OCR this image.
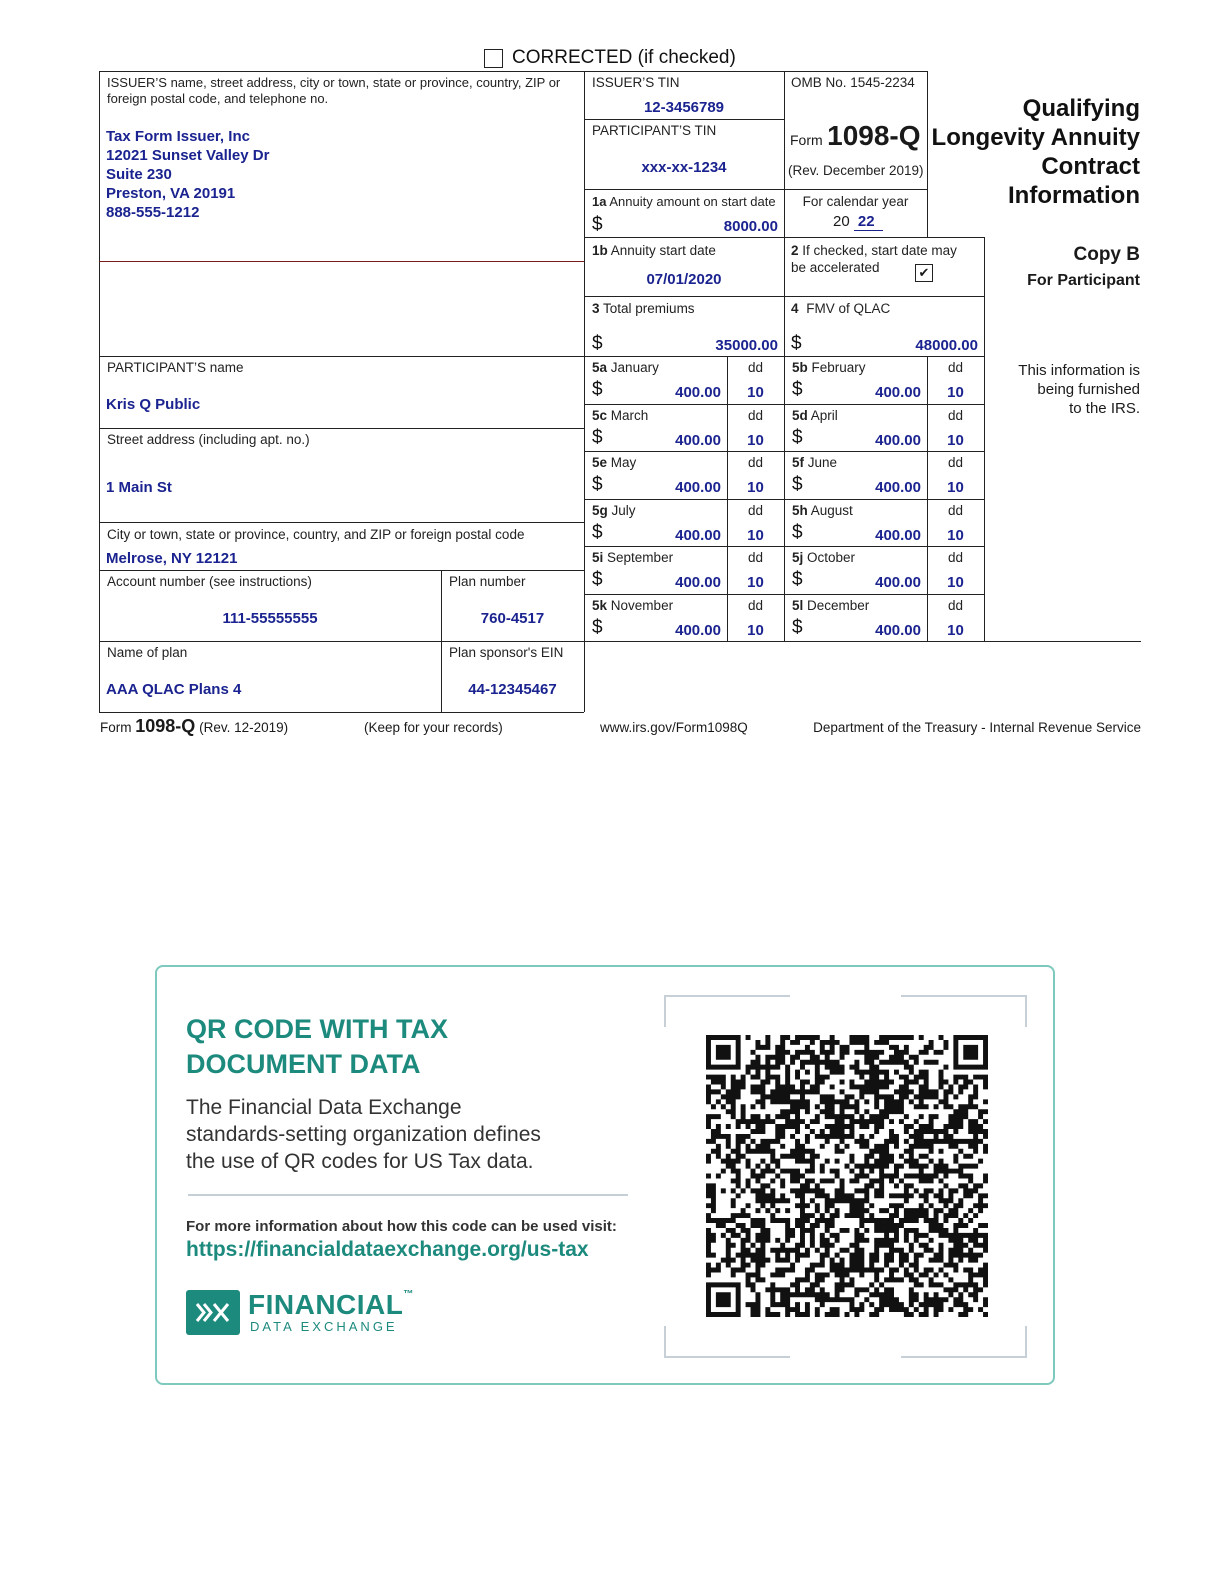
CORRECTED (if checked)
ISSUER’S name, street address, city or town, state or province, country, ZIP or foreign postal code, and telephone no.
Tax Form Issuer, Inc
12021 Sunset Valley Dr
Suite 230
Preston, VA 20191
888-555-1212
ISSUER’S TIN
12-3456789
PARTICIPANT’S TIN
xxx-xx-1234
OMB No. 1545-2234
Form 1098-Q
(Rev. December 2019)
Qualifying
Longevity Annuity
Contract
Information
1a Annuity amount on start date
$	8000.00
For calendar year
20 22
1b Annuity start date
07/01/2020
2 If checked, start date may
be accelerated	✔
Copy B
For Participant
This information is
being furnished
to the IRS.
3 Total premiums
$	35000.00
4 FMV of QLAC
$	48000.00
PARTICIPANT’S name
Kris Q Public
Street address (including apt. no.)
1 Main St
City or town, state or province, country, and ZIP or foreign postal code
Melrose, NY 12121
Account number (see instructions)
111-55555555
Plan number
760-4517
Name of plan
AAA QLAC Plans 4
Plan sponsor's EIN
44-12345467
5a January
$	400.00
dd
10
5b February
$	400.00
dd
10
5c March
$	400.00
dd
10
5d April
$	400.00
dd
10
5e May
$	400.00
dd
10
5f June
$	400.00
dd
10
5g July
$	400.00
dd
10
5h August
$	400.00
dd
10
5i September
$	400.00
dd
10
5j October
$	400.00
dd
10
5k November
$	400.00
dd
10
5l December
$	400.00
dd
10
Form 1098-Q (Rev. 12-2019)	(Keep for your records)	www.irs.gov/Form1098Q	Department of the Treasury - Internal Revenue Service
QR CODE WITH TAX
DOCUMENT DATA
The Financial Data Exchange
standards-setting organization defines
the use of QR codes for US Tax data.
For more information about how this code can be used visit:
https://financialdataexchange.org/us-tax
FINANCIAL™
DATA EXCHANGE
